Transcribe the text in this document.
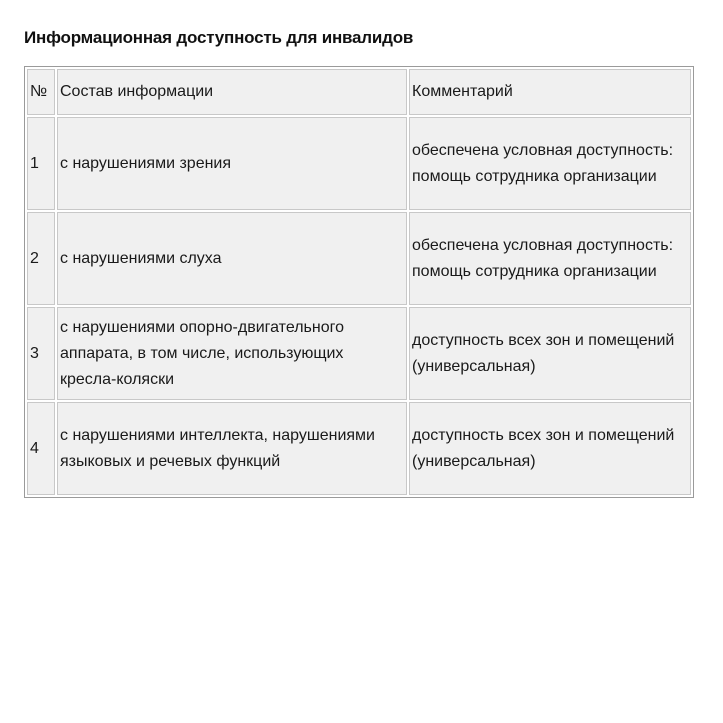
Информационная доступность для инвалидов
№	Состав информации	Комментарий
1	с нарушениями зрения	обеспечена условная доступность: помощь сотрудника организации
2	с нарушениями слуха	обеспечена условная доступность: помощь сотрудника организации
3	с нарушениями опорно-двигательного аппарата, в том числе, использующих кресла-коляски	доступность всех зон и помещений (универсальная)
4	с нарушениями интеллекта, нарушениями языковых и речевых функций	доступность всех зон и помещений (универсальная)
